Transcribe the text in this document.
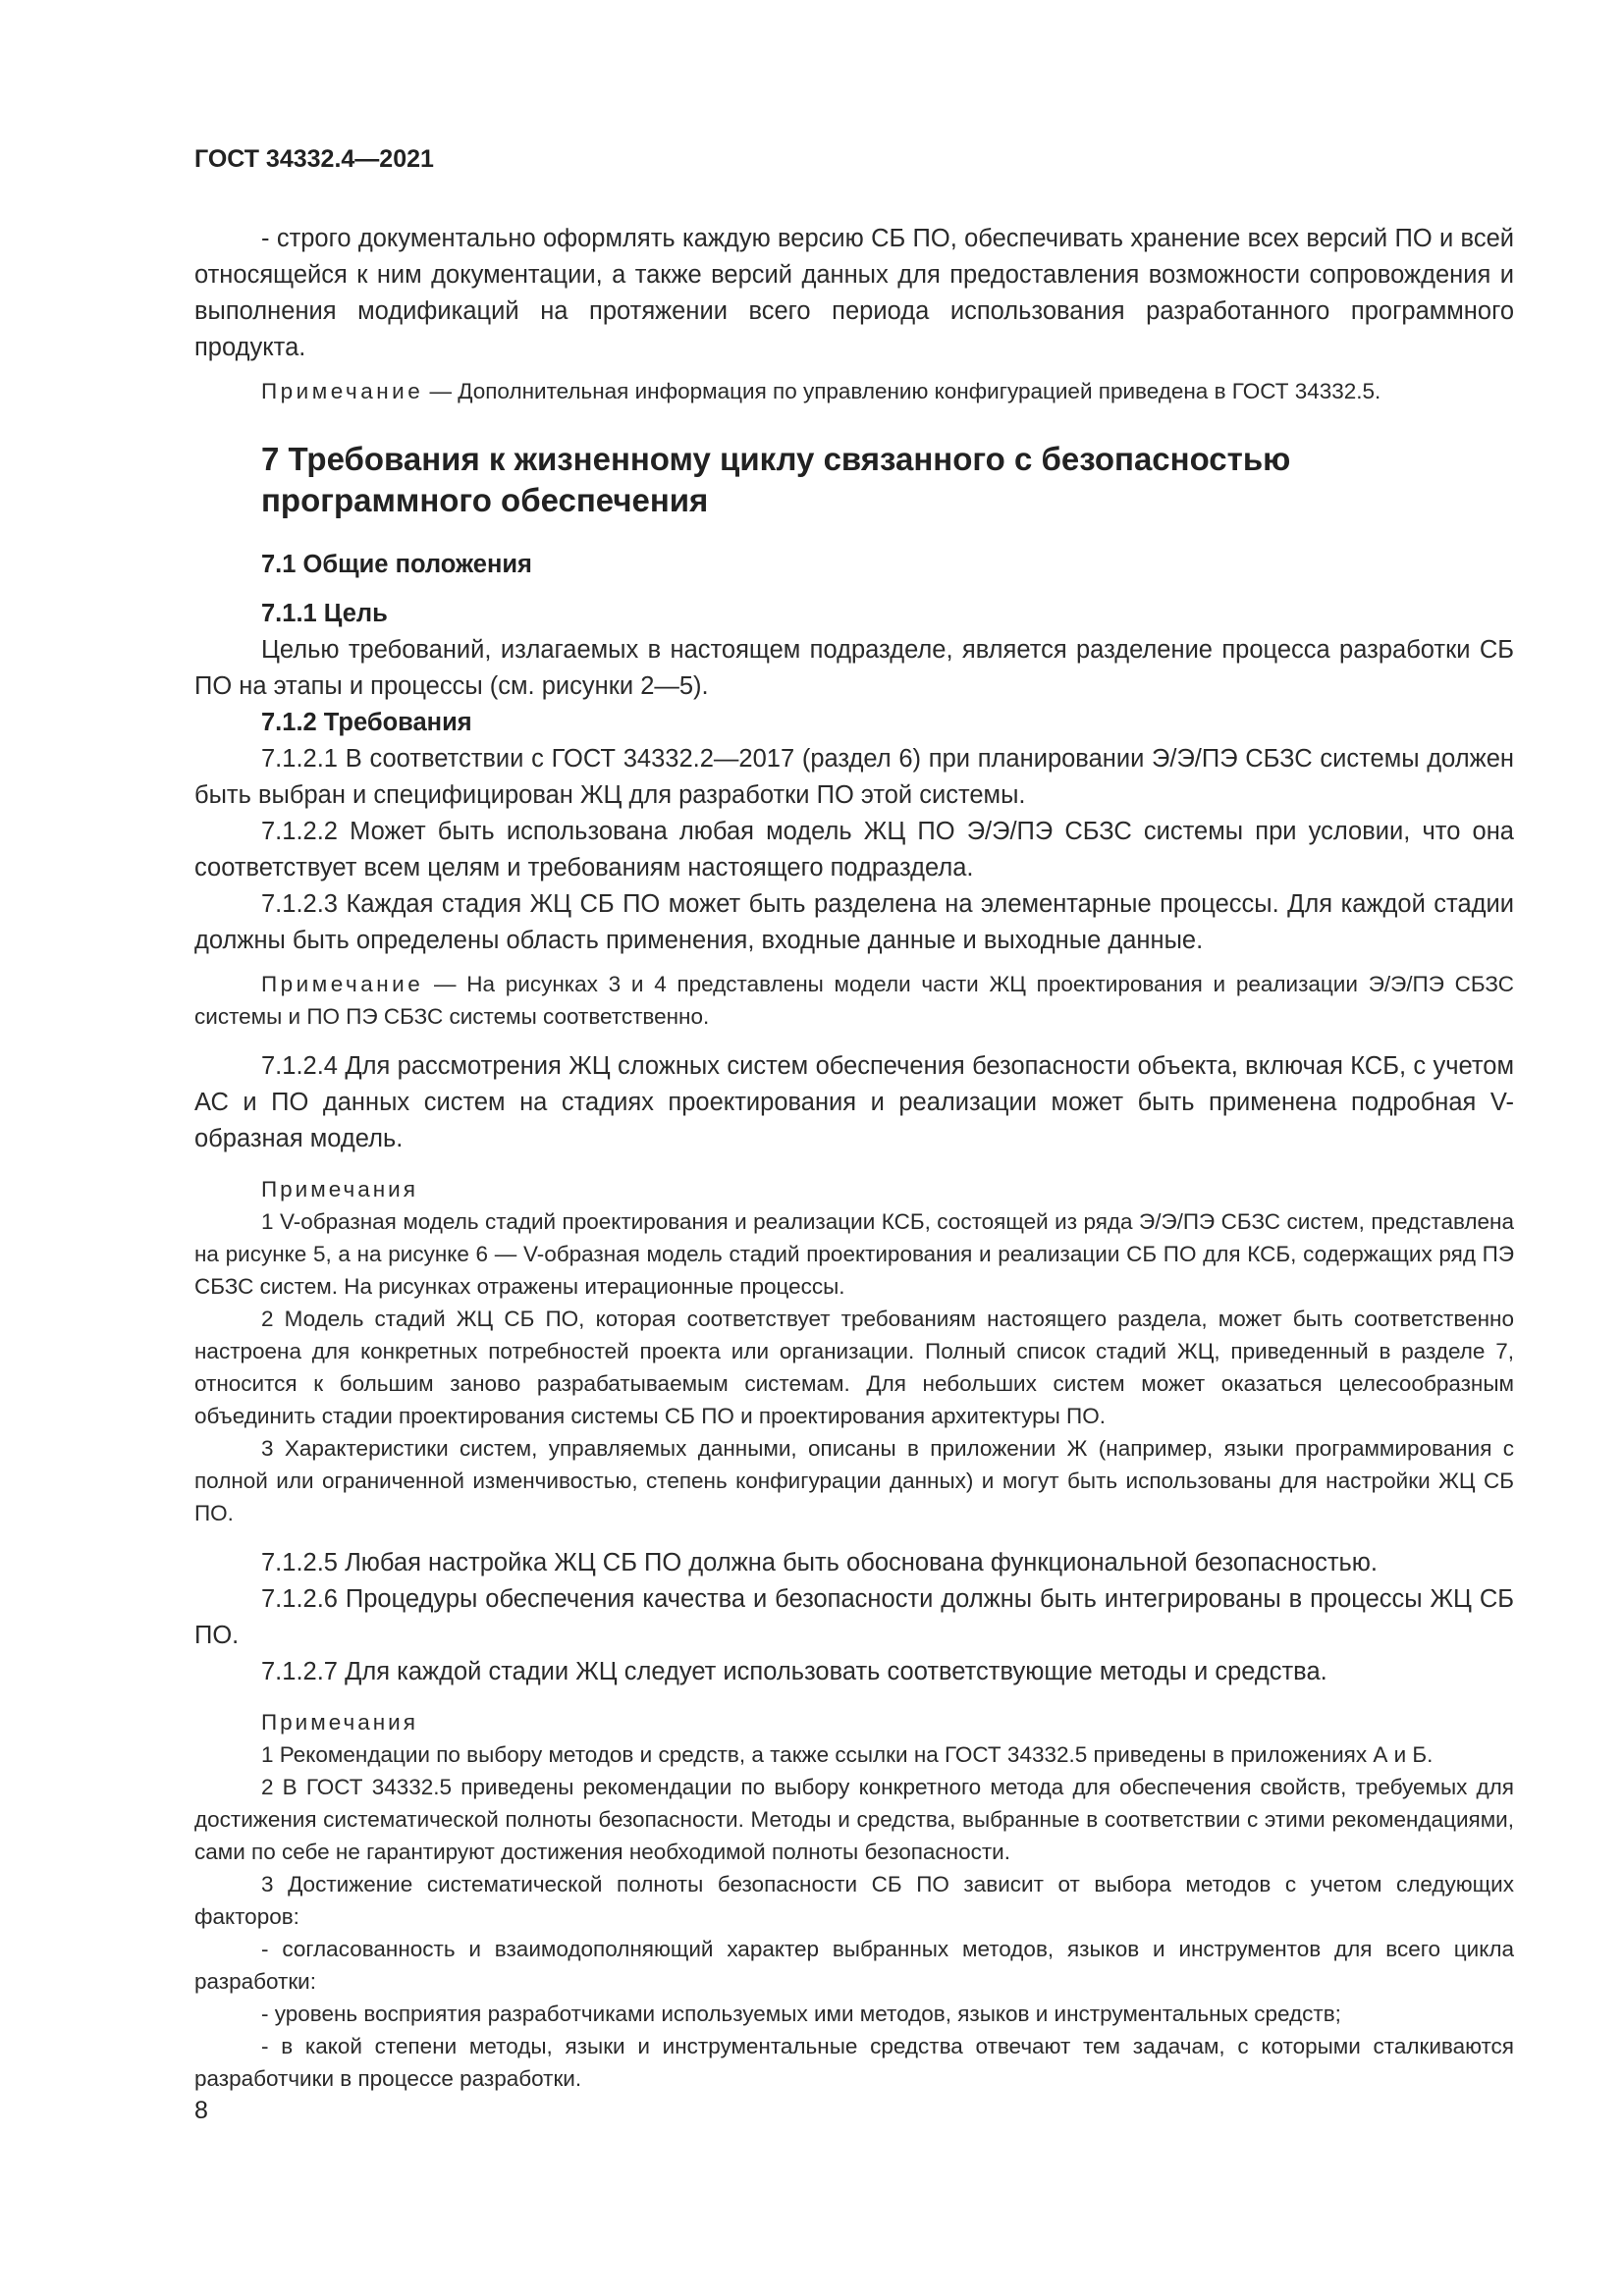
ГОСТ 34332.4—2021

- строго документально оформлять каждую версию СБ ПО, обеспечивать хранение всех версий ПО и всей относящейся к ним документации, а также версий данных для предоставления возможности сопровождения и выполнения модификаций на протяжении всего периода использования разработанного программного продукта.

Примечание — Дополнительная информация по управлению конфигурацией приведена в ГОСТ 34332.5.

7 Требования к жизненному циклу связанного с безопасностью программного обеспечения
7.1 Общие положения
7.1.1 Цель

Целью требований, излагаемых в настоящем подразделе, является разделение процесса разработки СБ ПО на этапы и процессы (см. рисунки 2—5).

7.1.2 Требования

7.1.2.1 В соответствии с ГОСТ 34332.2—2017 (раздел 6) при планировании Э/Э/ПЭ СБЗС системы должен быть выбран и специфицирован ЖЦ для разработки ПО этой системы.

7.1.2.2 Может быть использована любая модель ЖЦ ПО Э/Э/ПЭ СБЗС системы при условии, что она соответствует всем целям и требованиям настоящего подраздела.

7.1.2.3 Каждая стадия ЖЦ СБ ПО может быть разделена на элементарные процессы. Для каждой стадии должны быть определены область применения, входные данные и выходные данные.

Примечание — На рисунках 3 и 4 представлены модели части ЖЦ проектирования и реализации Э/Э/ПЭ СБЗС системы и ПО ПЭ СБЗС системы соответственно.

7.1.2.4 Для рассмотрения ЖЦ сложных систем обеспечения безопасности объекта, включая КСБ, с учетом АС и ПО данных систем на стадиях проектирования и реализации может быть применена подробная V-образная модель.

Примечания

1 V-образная модель стадий проектирования и реализации КСБ, состоящей из ряда Э/Э/ПЭ СБЗС систем, представлена на рисунке 5, а на рисунке 6 — V-образная модель стадий проектирования и реализации СБ ПО для КСБ, содержащих ряд ПЭ СБЗС систем. На рисунках отражены итерационные процессы.

2 Модель стадий ЖЦ СБ ПО, которая соответствует требованиям настоящего раздела, может быть соответственно настроена для конкретных потребностей проекта или организации. Полный список стадий ЖЦ, приведенный в разделе 7, относится к большим заново разрабатываемым системам. Для небольших систем может оказаться целесообразным объединить стадии проектирования системы СБ ПО и проектирования архитектуры ПО.

3 Характеристики систем, управляемых данными, описаны в приложении Ж (например, языки программирования с полной или ограниченной изменчивостью, степень конфигурации данных) и могут быть использованы для настройки ЖЦ СБ ПО.

7.1.2.5 Любая настройка ЖЦ СБ ПО должна быть обоснована функциональной безопасностью.

7.1.2.6 Процедуры обеспечения качества и безопасности должны быть интегрированы в процессы ЖЦ СБ ПО.

7.1.2.7 Для каждой стадии ЖЦ следует использовать соответствующие методы и средства.

Примечания

1 Рекомендации по выбору методов и средств, а также ссылки на ГОСТ 34332.5 приведены в приложениях А и Б.

2 В ГОСТ 34332.5 приведены рекомендации по выбору конкретного метода для обеспечения свойств, требуемых для достижения систематической полноты безопасности. Методы и средства, выбранные в соответствии с этими рекомендациями, сами по себе не гарантируют достижения необходимой полноты безопасности.

3 Достижение систематической полноты безопасности СБ ПО зависит от выбора методов с учетом следующих факторов:

- согласованность и взаимодополняющий характер выбранных методов, языков и инструментов для всего цикла разработки:

- уровень восприятия разработчиками используемых ими методов, языков и инструментальных средств;

- в какой степени методы, языки и инструментальные средства отвечают тем задачам, с которыми сталкиваются разработчики в процессе разработки.

8
